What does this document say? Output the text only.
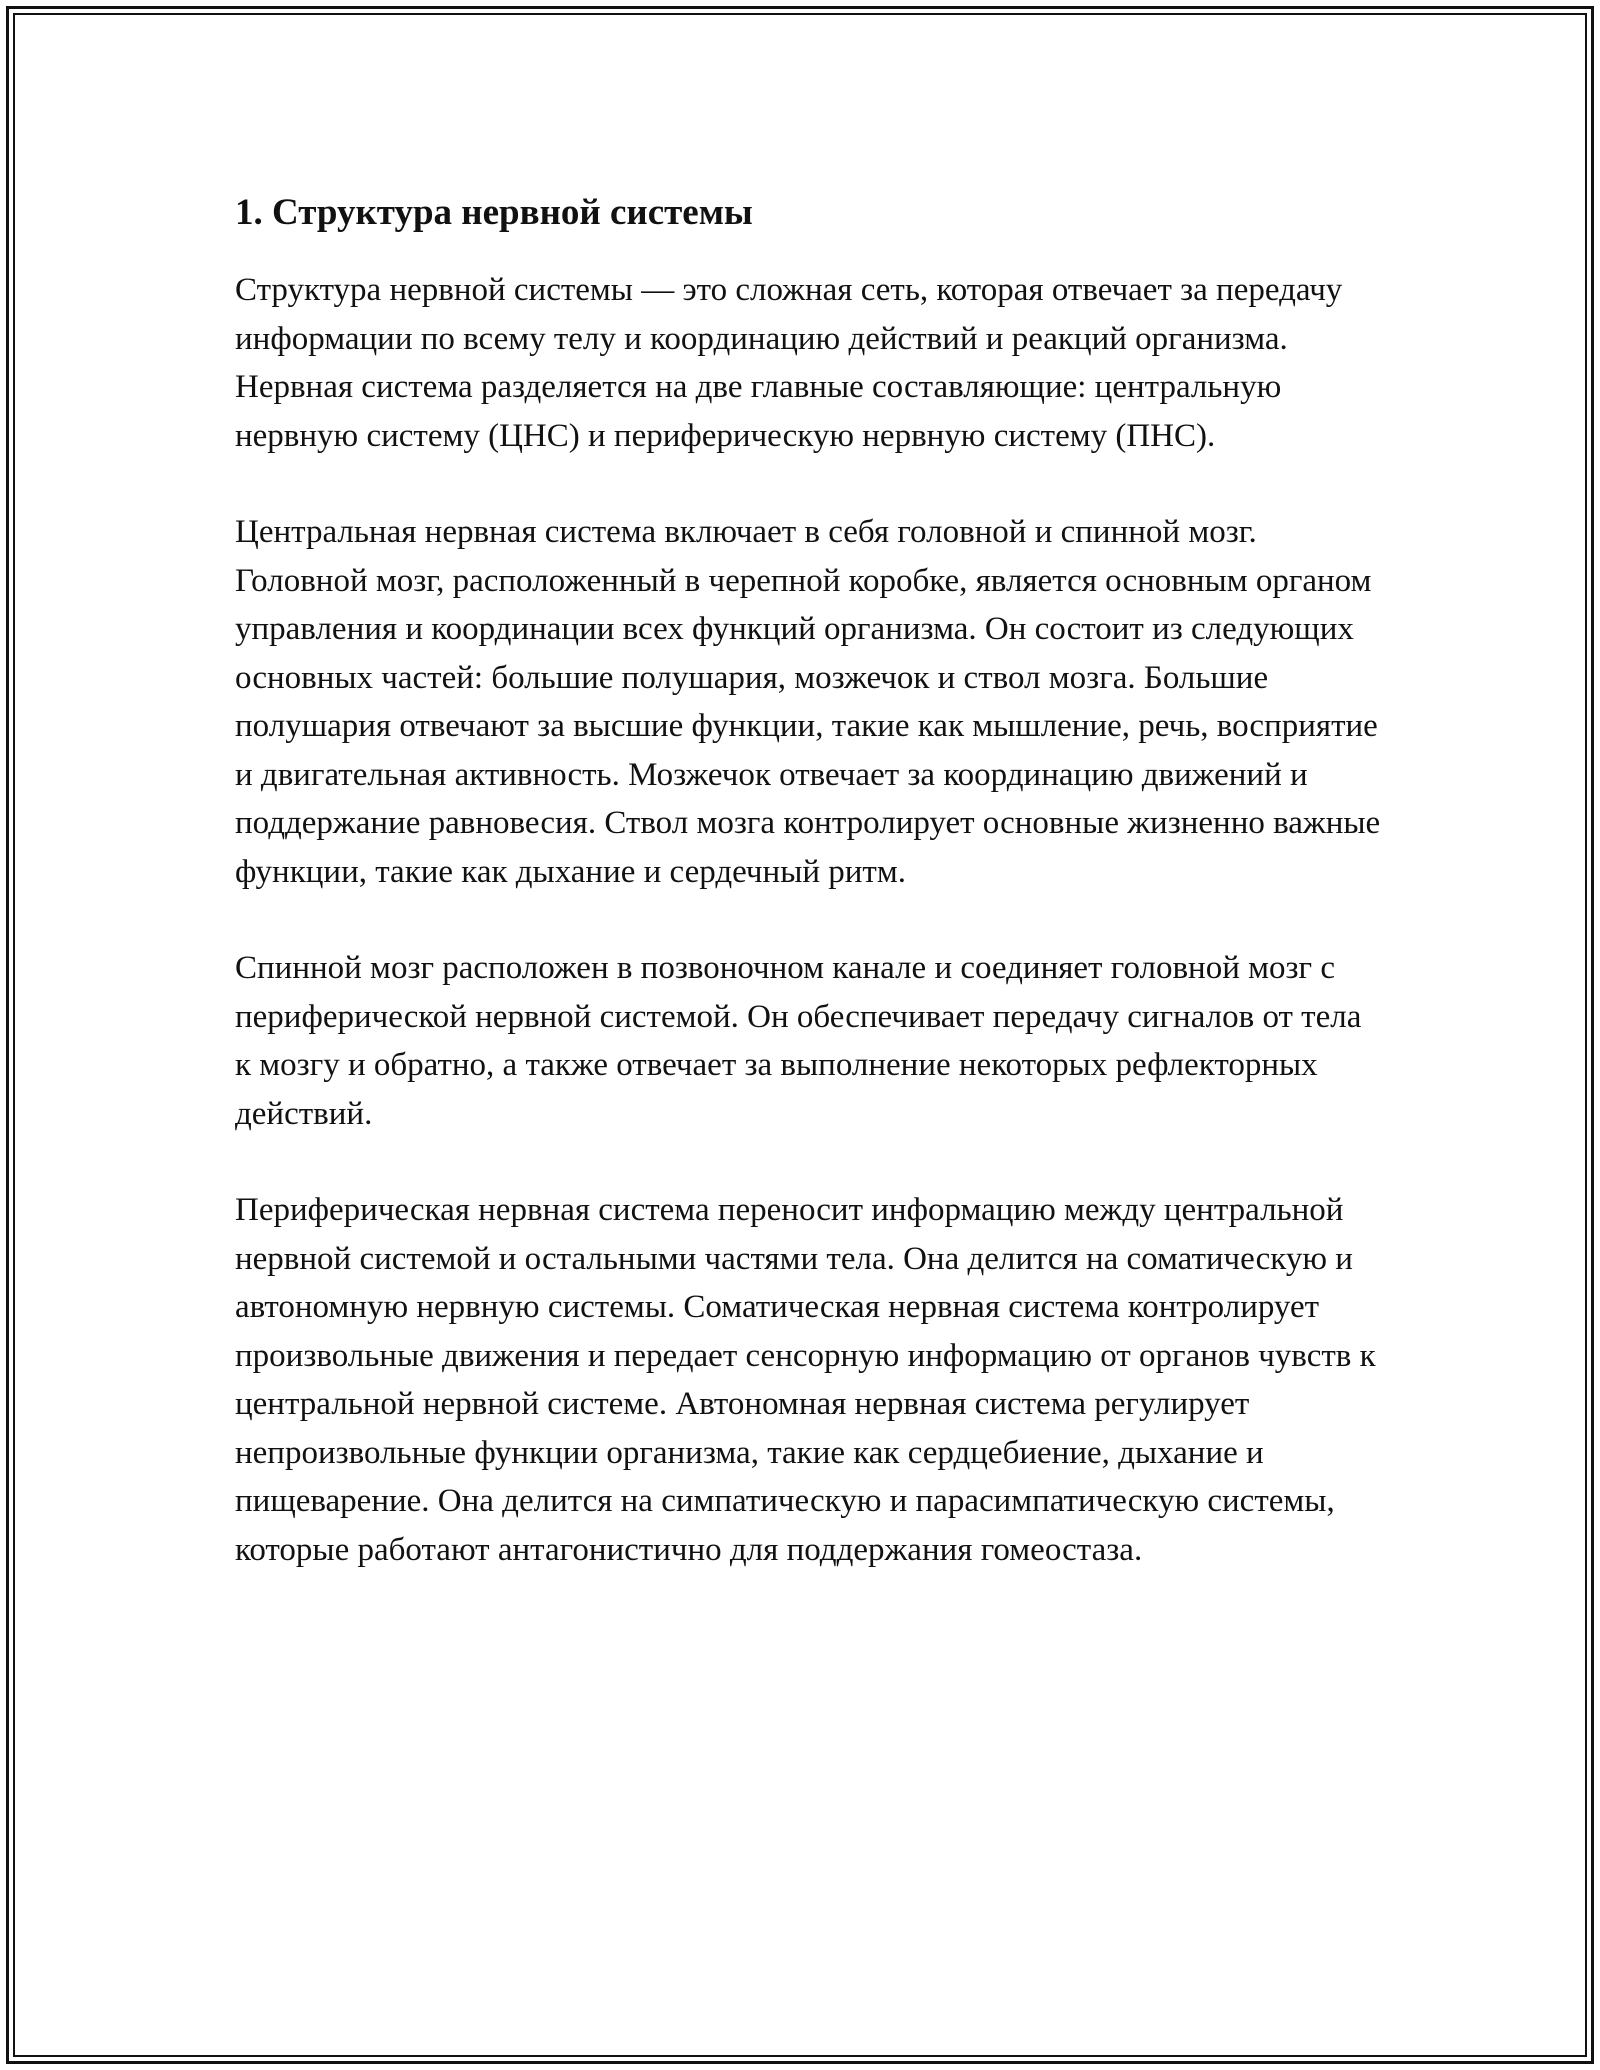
1. Структура нервной системы

Структура нервной системы — это сложная сеть, которая отвечает за передачу информации по всему телу и координацию действий и реакций организма. Нервная система разделяется на две главные составляющие: центральную нервную систему (ЦНС) и периферическую нервную систему (ПНС).

Центральная нервная система включает в себя головной и спинной мозг. Головной мозг, расположенный в черепной коробке, является основным органом управления и координации всех функций организма. Он состоит из следующих основных частей: большие полушария, мозжечок и ствол мозга. Большие полушария отвечают за высшие функции, такие как мышление, речь, восприятие и двигательная активность. Мозжечок отвечает за координацию движений и поддержание равновесия. Ствол мозга контролирует основные жизненно важные функции, такие как дыхание и сердечный ритм.

Спинной мозг расположен в позвоночном канале и соединяет головной мозг с периферической нервной системой. Он обеспечивает передачу сигналов от тела к мозгу и обратно, а также отвечает за выполнение некоторых рефлекторных действий.

Периферическая нервная система переносит информацию между центральной нервной системой и остальными частями тела. Она делится на соматическую и автономную нервную системы. Соматическая нервная система контролирует произвольные движения и передает сенсорную информацию от органов чувств к центральной нервной системе. Автономная нервная система регулирует непроизвольные функции организма, такие как сердцебиение, дыхание и пищеварение. Она делится на симпатическую и парасимпатическую системы, которые работают антагонистично для поддержания гомеостаза.
